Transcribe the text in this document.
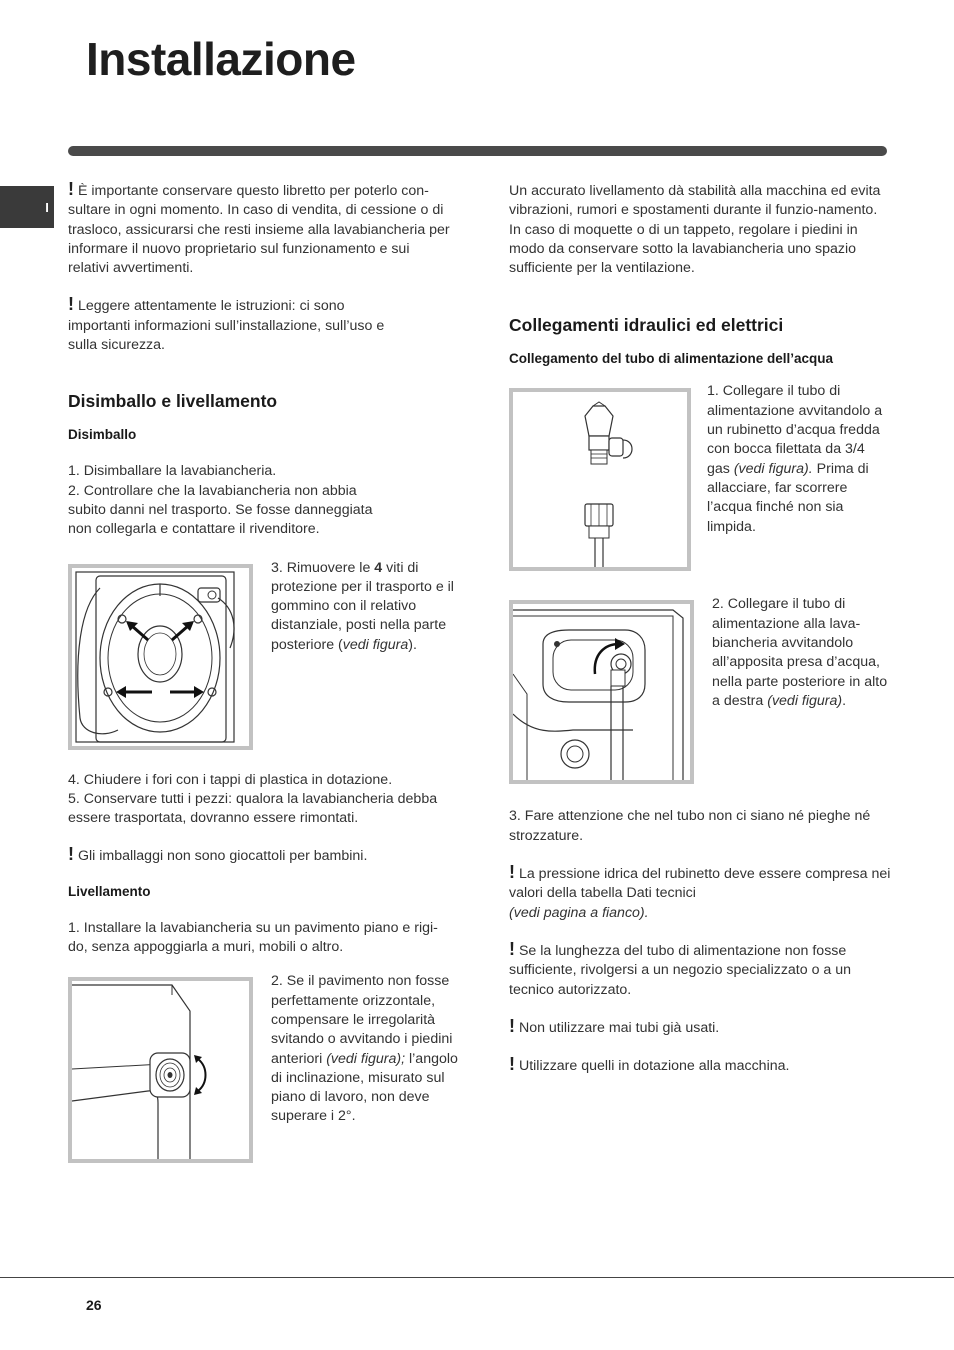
Installazione
I

! È importante conservare questo libretto per poterlo con-sultare in ogni momento. In caso di vendita, di cessione o di trasloco, assicurarsi che resti insieme alla lavabiancheria per informare il nuovo proprietario sul funzionamento e sui relativi avvertimenti.

! Leggere attentamente le istruzioni: ci sono importanti informazioni sull’installazione, sull’uso e sulla sicurezza.

Disimballo e livellamento
Disimballo

1. Disimballare la lavabiancheria.

2. Controllare che la lavabiancheria non abbia subito danni nel trasporto. Se fosse danneggiata non collegarla e contattare il rivenditore.

3. Rimuovere le 4 viti di protezione per il trasporto e il gommino con il relativo distanziale, posti nella parte posteriore (vedi figura).

4. Chiudere i fori con i tappi di plastica in dotazione.

5. Conservare tutti i pezzi: qualora la lavabiancheria debba essere trasportata, dovranno essere rimontati.

! Gli imballaggi non sono giocattoli per bambini.

Livellamento

1. Installare la lavabiancheria su un pavimento piano e rigi-do, senza appoggiarla a muri, mobili o altro.

2. Se il pavimento non fosse perfettamente orizzontale, compensare le irregolarità svitando o avvitando i piedini anteriori (vedi figura); l’angolo di inclinazione, misurato sul piano di lavoro, non deve superare i 2°.

Un accurato livellamento dà stabilità alla macchina ed evita vibrazioni, rumori e spostamenti durante il funzio-namento. In caso di moquette o di un tappeto, regolare i piedini in modo da conservare sotto la lavabiancheria uno spazio sufficiente per la ventilazione.

Collegamenti idraulici ed elettrici
Collegamento del tubo di alimentazione dell’acqua

1. Collegare il tubo di alimentazione avvitandolo a un rubinetto d’acqua fredda con bocca filettata da 3/4 gas (vedi figura). Prima di allacciare, far scorrere l’acqua finché non sia limpida.

2. Collegare il tubo di alimentazione alla lava-biancheria avvitandolo all’apposita presa d’acqua, nella parte posteriore in alto a destra (vedi figura).

3. Fare attenzione che nel tubo non ci siano né pieghe né strozzature.

! La pressione idrica del rubinetto deve essere compresa nei valori della tabella Dati tecnici
(vedi pagina a fianco).

! Se la lunghezza del tubo di alimentazione non fosse sufficiente, rivolgersi a un negozio specializzato o a un tecnico autorizzato.

! Non utilizzare mai tubi già usati.

! Utilizzare quelli in dotazione alla macchina.

26
